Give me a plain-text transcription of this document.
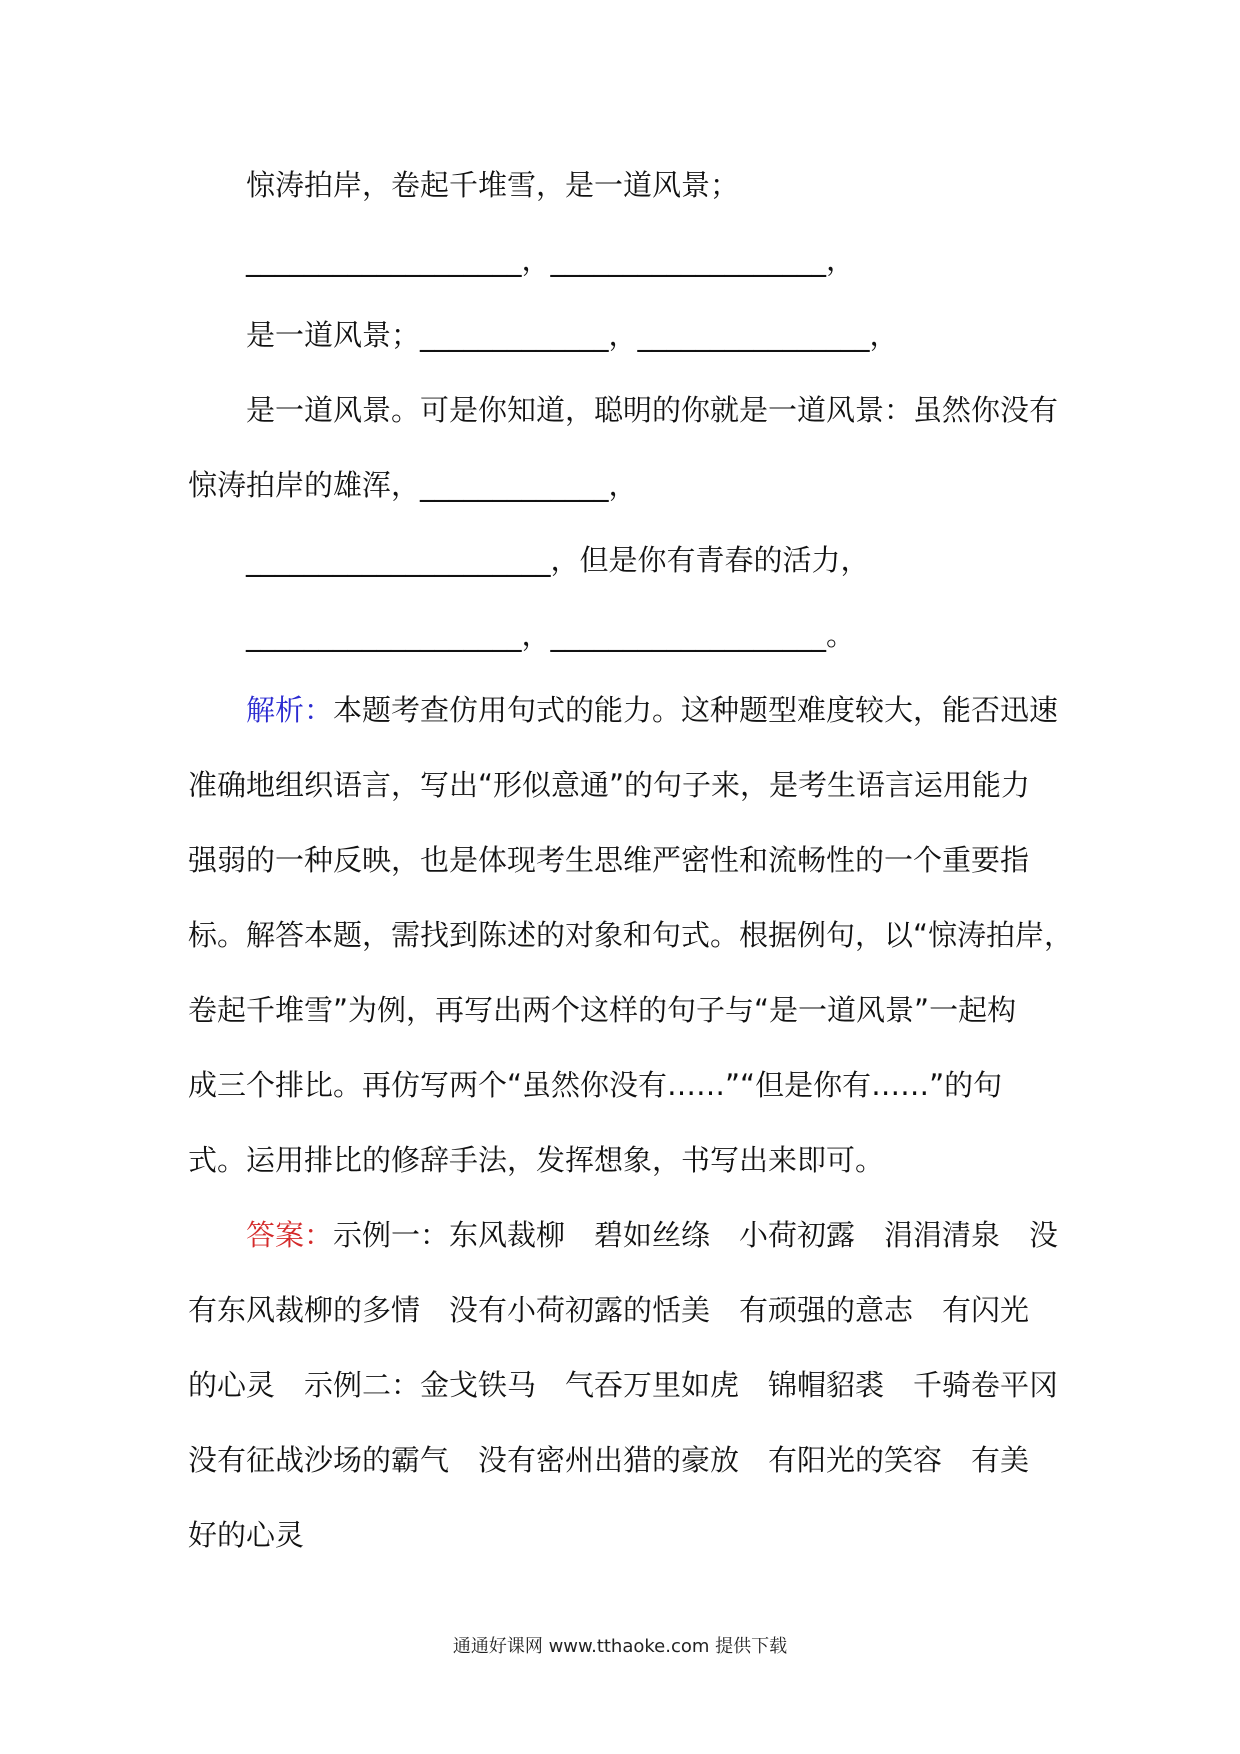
惊涛拍岸，卷起千堆雪，是一道风景；
___________________，___________________，
是一道风景；_____________，________________，
是一道风景。可是你知道，聪明的你就是一道风景：虽然你没有
惊涛拍岸的雄浑，_____________，
_____________________，但是你有青春的活力，
___________________，___________________。
解析：本题考查仿用句式的能力。这种题型难度较大，能否迅速
准确地组织语言，写出“形似意通”的句子来，是考生语言运用能力
强弱的一种反映，也是体现考生思维严密性和流畅性的一个重要指
标。解答本题，需找到陈述的对象和句式。根据例句，以“惊涛拍岸，
卷起千堆雪”为例，再写出两个这样的句子与“是一道风景”一起构
成三个排比。再仿写两个“虽然你没有……”“但是你有……”的句
式。运用排比的修辞手法，发挥想象，书写出来即可。
答案：示例一：东风裁柳　碧如丝绦　小荷初露　涓涓清泉　没
有东风裁柳的多情　没有小荷初露的恬美　有顽强的意志　有闪光
的心灵　示例二：金戈铁马　气吞万里如虎　锦帽貂裘　千骑卷平冈
没有征战沙场的霸气　没有密州出猎的豪放　有阳光的笑容　有美
好的心灵
通通好课网 www.tthaoke.com 提供下载
